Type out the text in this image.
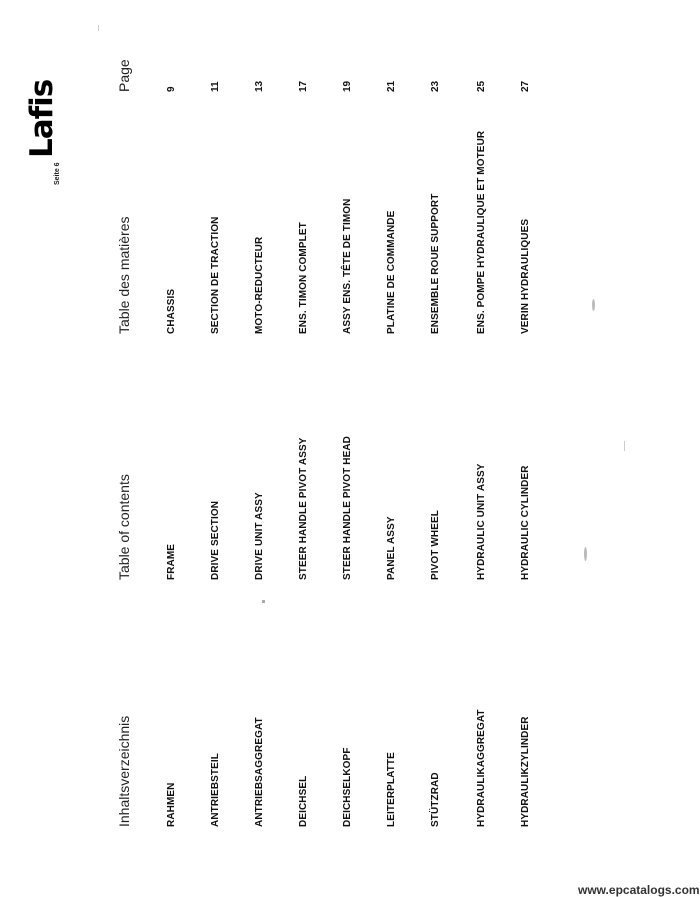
Inhaltsverzeichnis
Table of contents
Table des matières
Page
RAHMEN
FRAME
CHASSIS
9
ANTRIEBSTEIL
DRIVE SECTION
SECTION DE TRACTION
11
ANTRIEBSAGGREGAT
DRIVE UNIT ASSY
MOTO-REDUCTEUR
13
DEICHSEL
STEER HANDLE PIVOT ASSY
ENS. TIMON COMPLET
17
DEICHSELKOPF
STEER HANDLE PIVOT HEAD
ASSY ENS. TÊTE DE TIMON
19
LEITERPLATTE
PANEL ASSY
PLATINE DE COMMANDE
21
STÜTZRAD
PIVOT WHEEL
ENSEMBLE ROUE SUPPORT
23
HYDRAULIKAGGREGAT
HYDRAULIC UNIT ASSY
ENS. POMPE HYDRAULIQUE ET MOTEUR
25
HYDRAULIKZYLINDER
HYDRAULIC CYLINDER
VERIN HYDRAULIQUES
27
Seite 6
Lafis
www.epcatalogs.com
